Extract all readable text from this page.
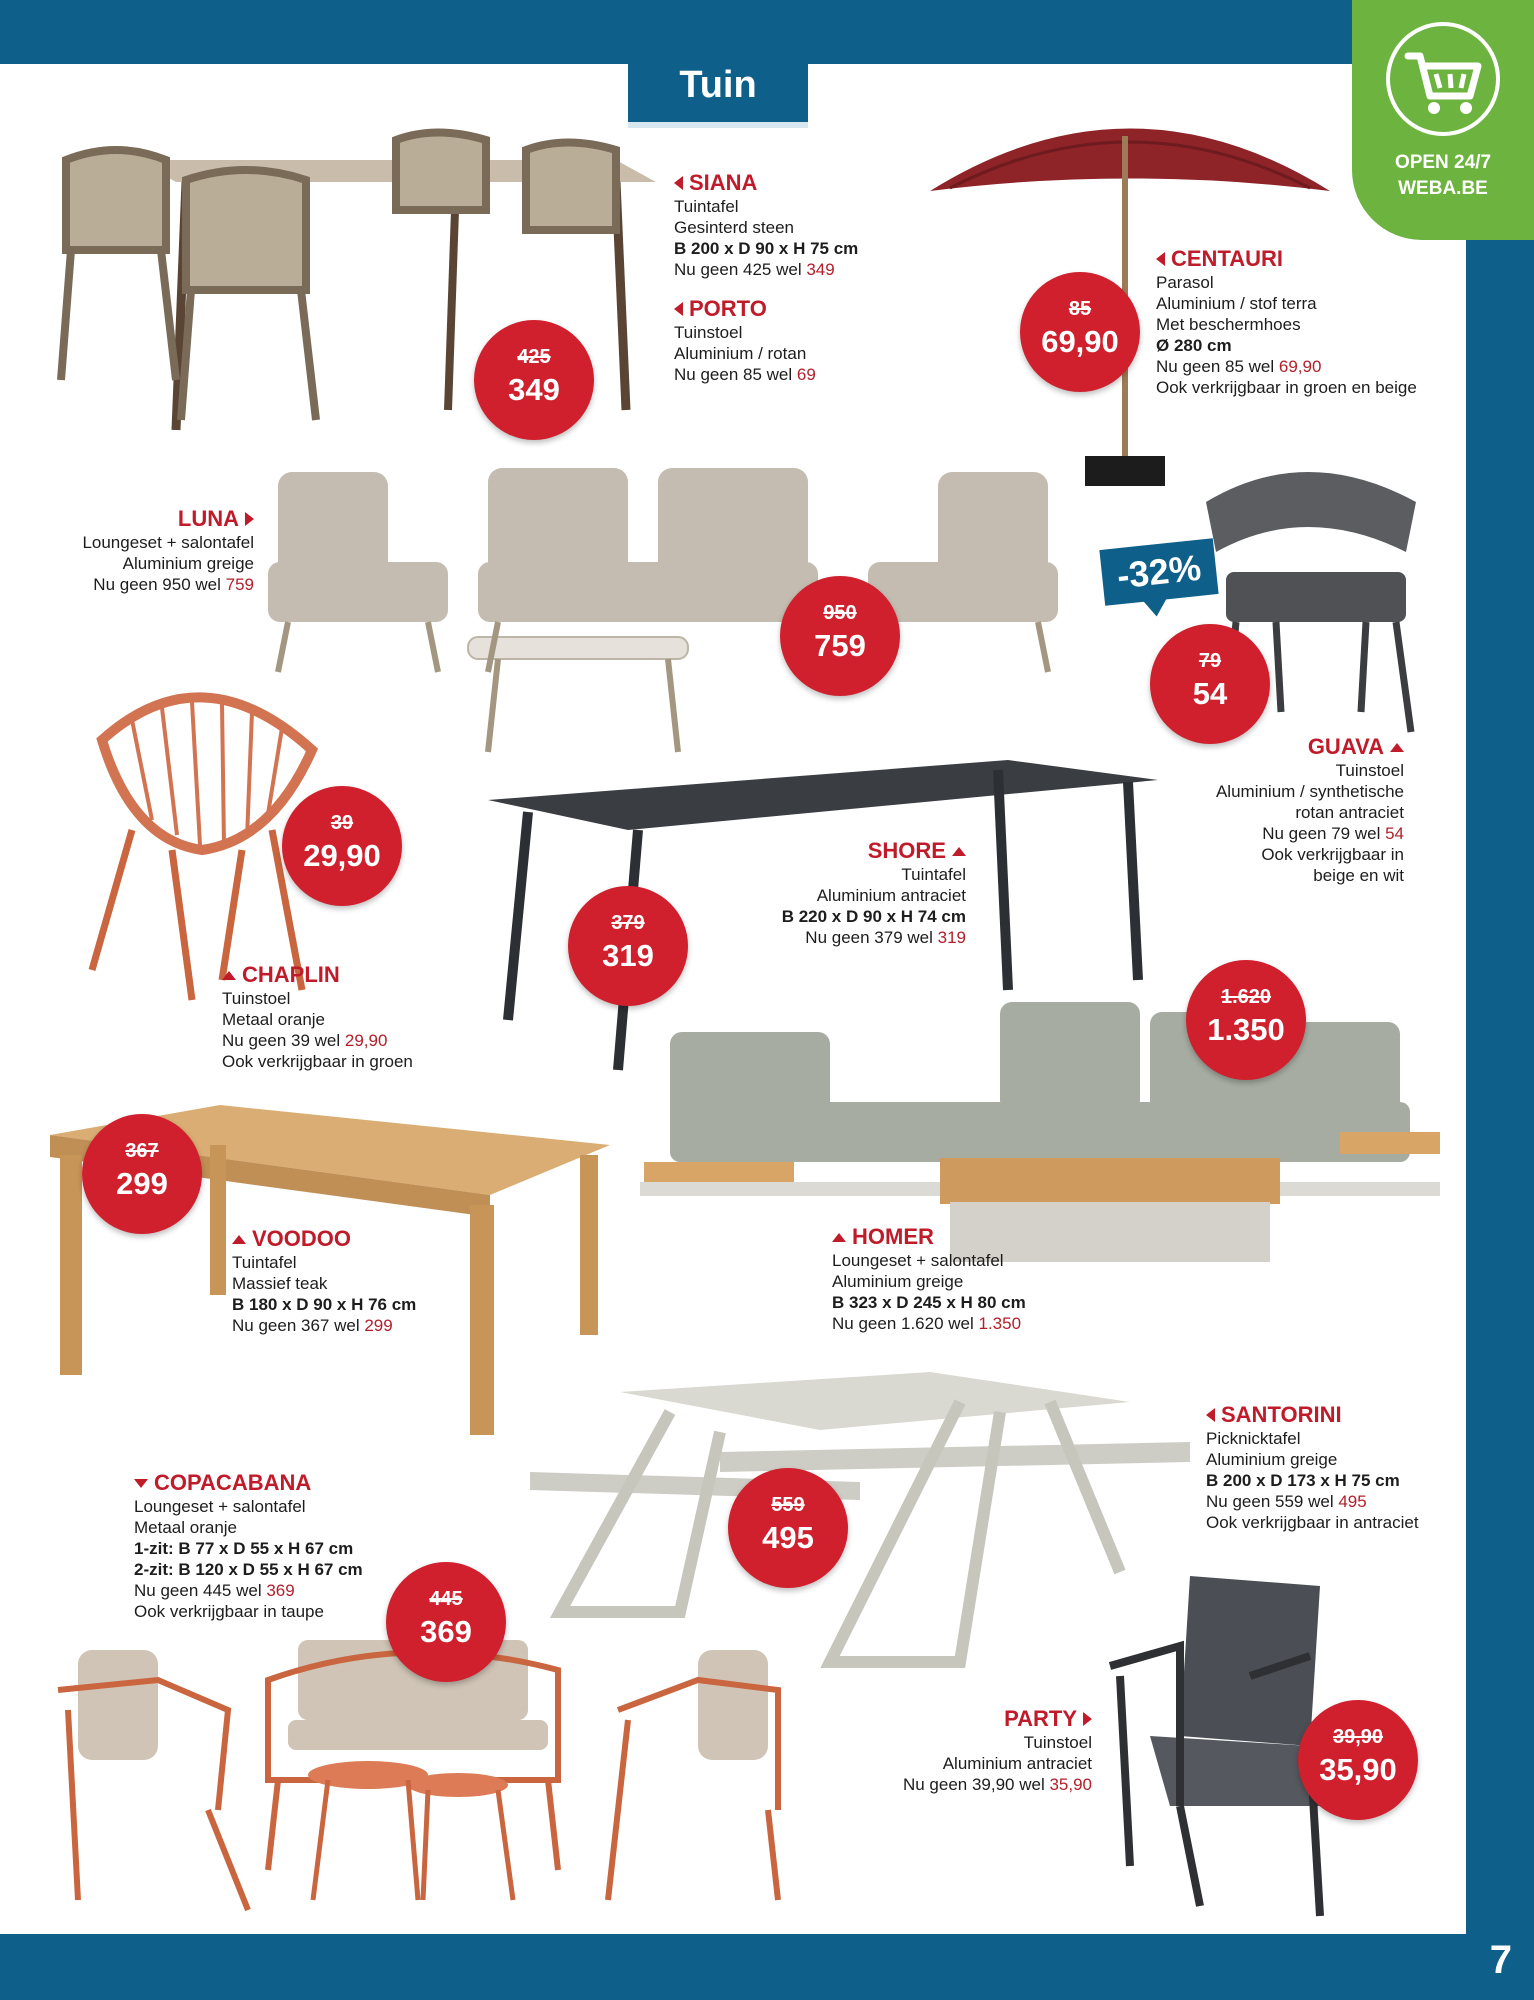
Tuin
OPEN 24/7
WEBA.BE
SIANA
Tuintafel
Gesinterd steen
B 200 x D 90 x H 75 cm
Nu geen 425 wel 349
PORTO
Tuinstoel
Aluminium / rotan
Nu geen 85 wel 69
CENTAURI
Parasol
Aluminium / stof terra
Met beschermhoes
Ø 280 cm
Nu geen 85 wel 69,90
Ook verkrijgbaar in groen en beige
LUNA
Loungeset + salontafel
Aluminium greige
Nu geen 950 wel 759
GUAVA
Tuinstoel
Aluminium / synthetische
rotan antraciet
Nu geen 79 wel 54
Ook verkrijgbaar in
beige en wit
CHAPLIN
Tuinstoel
Metaal oranje
Nu geen 39 wel 29,90
Ook verkrijgbaar in groen
SHORE
Tuintafel
Aluminium antraciet
B 220 x D 90 x H 74 cm
Nu geen 379 wel 319
HOMER
Loungeset + salontafel
Aluminium greige
B 323 x D 245 x H 80 cm
Nu geen 1.620 wel 1.350
VOODOO
Tuintafel
Massief teak
B 180 x D 90 x H 76 cm
Nu geen 367 wel 299
SANTORINI
Picknicktafel
Aluminium greige
B 200 x D 173 x H 75 cm
Nu geen 559 wel 495
Ook verkrijgbaar in antraciet
COPACABANA
Loungeset + salontafel
Metaal oranje
1-zit: B 77 x D 55 x H 67 cm
2-zit: B 120 x D 55 x H 67 cm
Nu geen 445 wel 369
Ook verkrijgbaar in taupe
PARTY
Tuinstoel
Aluminium antraciet
Nu geen 39,90 wel 35,90
425
349
85
69,90
950
759
-32%
79
54
39
29,90
379
319
1.620
1.350
367
299
559
495
445
369
39,90
35,90
7
